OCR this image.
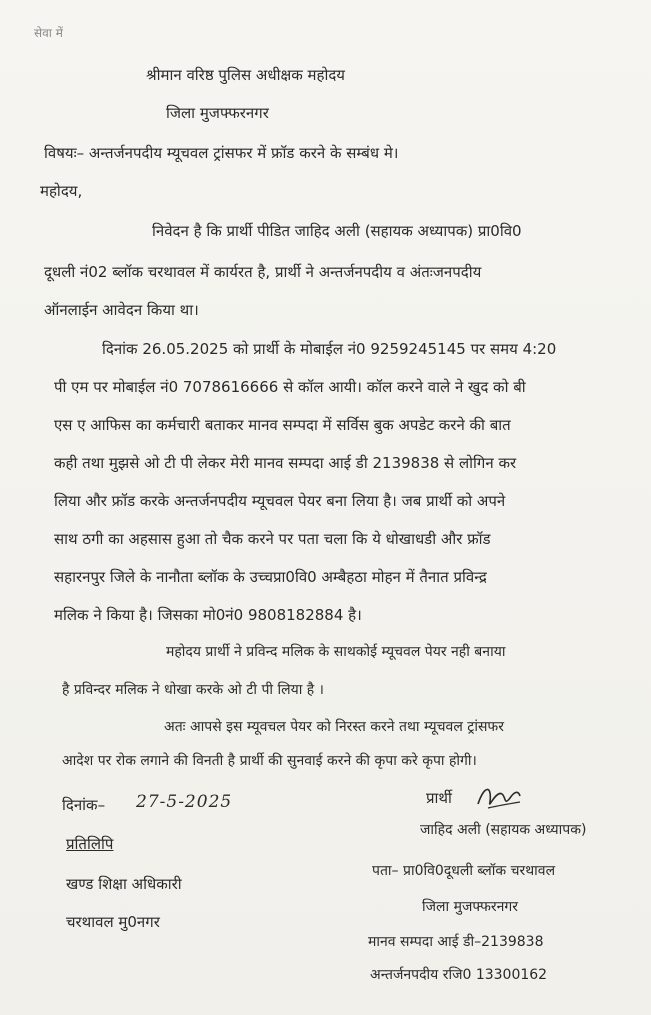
सेवा में
श्रीमान वरिष्ठ पुलिस अधीक्षक महोदय
जिला मुजफ्फरनगर
विषयः– अन्तर्जनपदीय म्यूचवल ट्रांसफर में फ्रॉड करने के सम्बंध मे।
महोदय,
निवेदन है कि प्रार्थी पीडित जाहिद अली (सहायक अध्यापक) प्रा0वि0
दूधली नं02 ब्लॉक चरथावल में कार्यरत है, प्रार्थी ने अन्तर्जनपदीय व अंतःजनपदीय
ऑनलाईन आवेदन किया था।
दिनांक 26.05.2025 को प्रार्थी के मोबाईल नं0 9259245145 पर समय 4:20
पी एम पर मोबाईल नं0 7078616666 से कॉल आयी। कॉल करने वाले ने खुद को बी
एस ए आफिस का कर्मचारी बताकर मानव सम्पदा में सर्विस बुक अपडेट करने की बात
कही तथा मुझसे ओ टी पी लेकर मेरी मानव सम्पदा आई डी 2139838 से लोगिन कर
लिया और फ्रॉड करके अन्तर्जनपदीय म्यूचवल पेयर बना लिया है। जब प्रार्थी को अपने
साथ ठगी का अहसास हुआ तो चैक करने पर पता चला कि ये धोखाधडी और फ्रॉड
सहारनपुर जिले के नानौता ब्लॉक के उच्चप्रा0वि0 अम्बैहठा मोहन में तैनात प्रविन्द्र
मलिक ने किया है। जिसका मो0नं0 9808182884 है।
महोदय प्रार्थी ने प्रविन्द मलिक के साथकोई म्यूचवल पेयर नही बनाया
है प्रविन्दर मलिक ने धोखा करके ओ टी पी लिया है ।
अतः आपसे इस म्यूवचल पेयर को निरस्त करने तथा म्यूचवल ट्रांसफर
आदेश पर रोक लगाने की विनती है प्रार्थी की सुनवाई करने की कृपा करे कृपा होगी।
दिनांक– 27-5-2025	प्रार्थी
जाहिद अली (सहायक अध्यापक)
प्रतिलिपि
खण्ड शिक्षा अधिकारी
चरथावल मु0नगर
पता– प्रा0वि0दूधली ब्लॉक चरथावल
जिला मुजफ्फरनगर
मानव सम्पदा आई डी–2139838
अन्तर्जनपदीय रजि0 13300162
